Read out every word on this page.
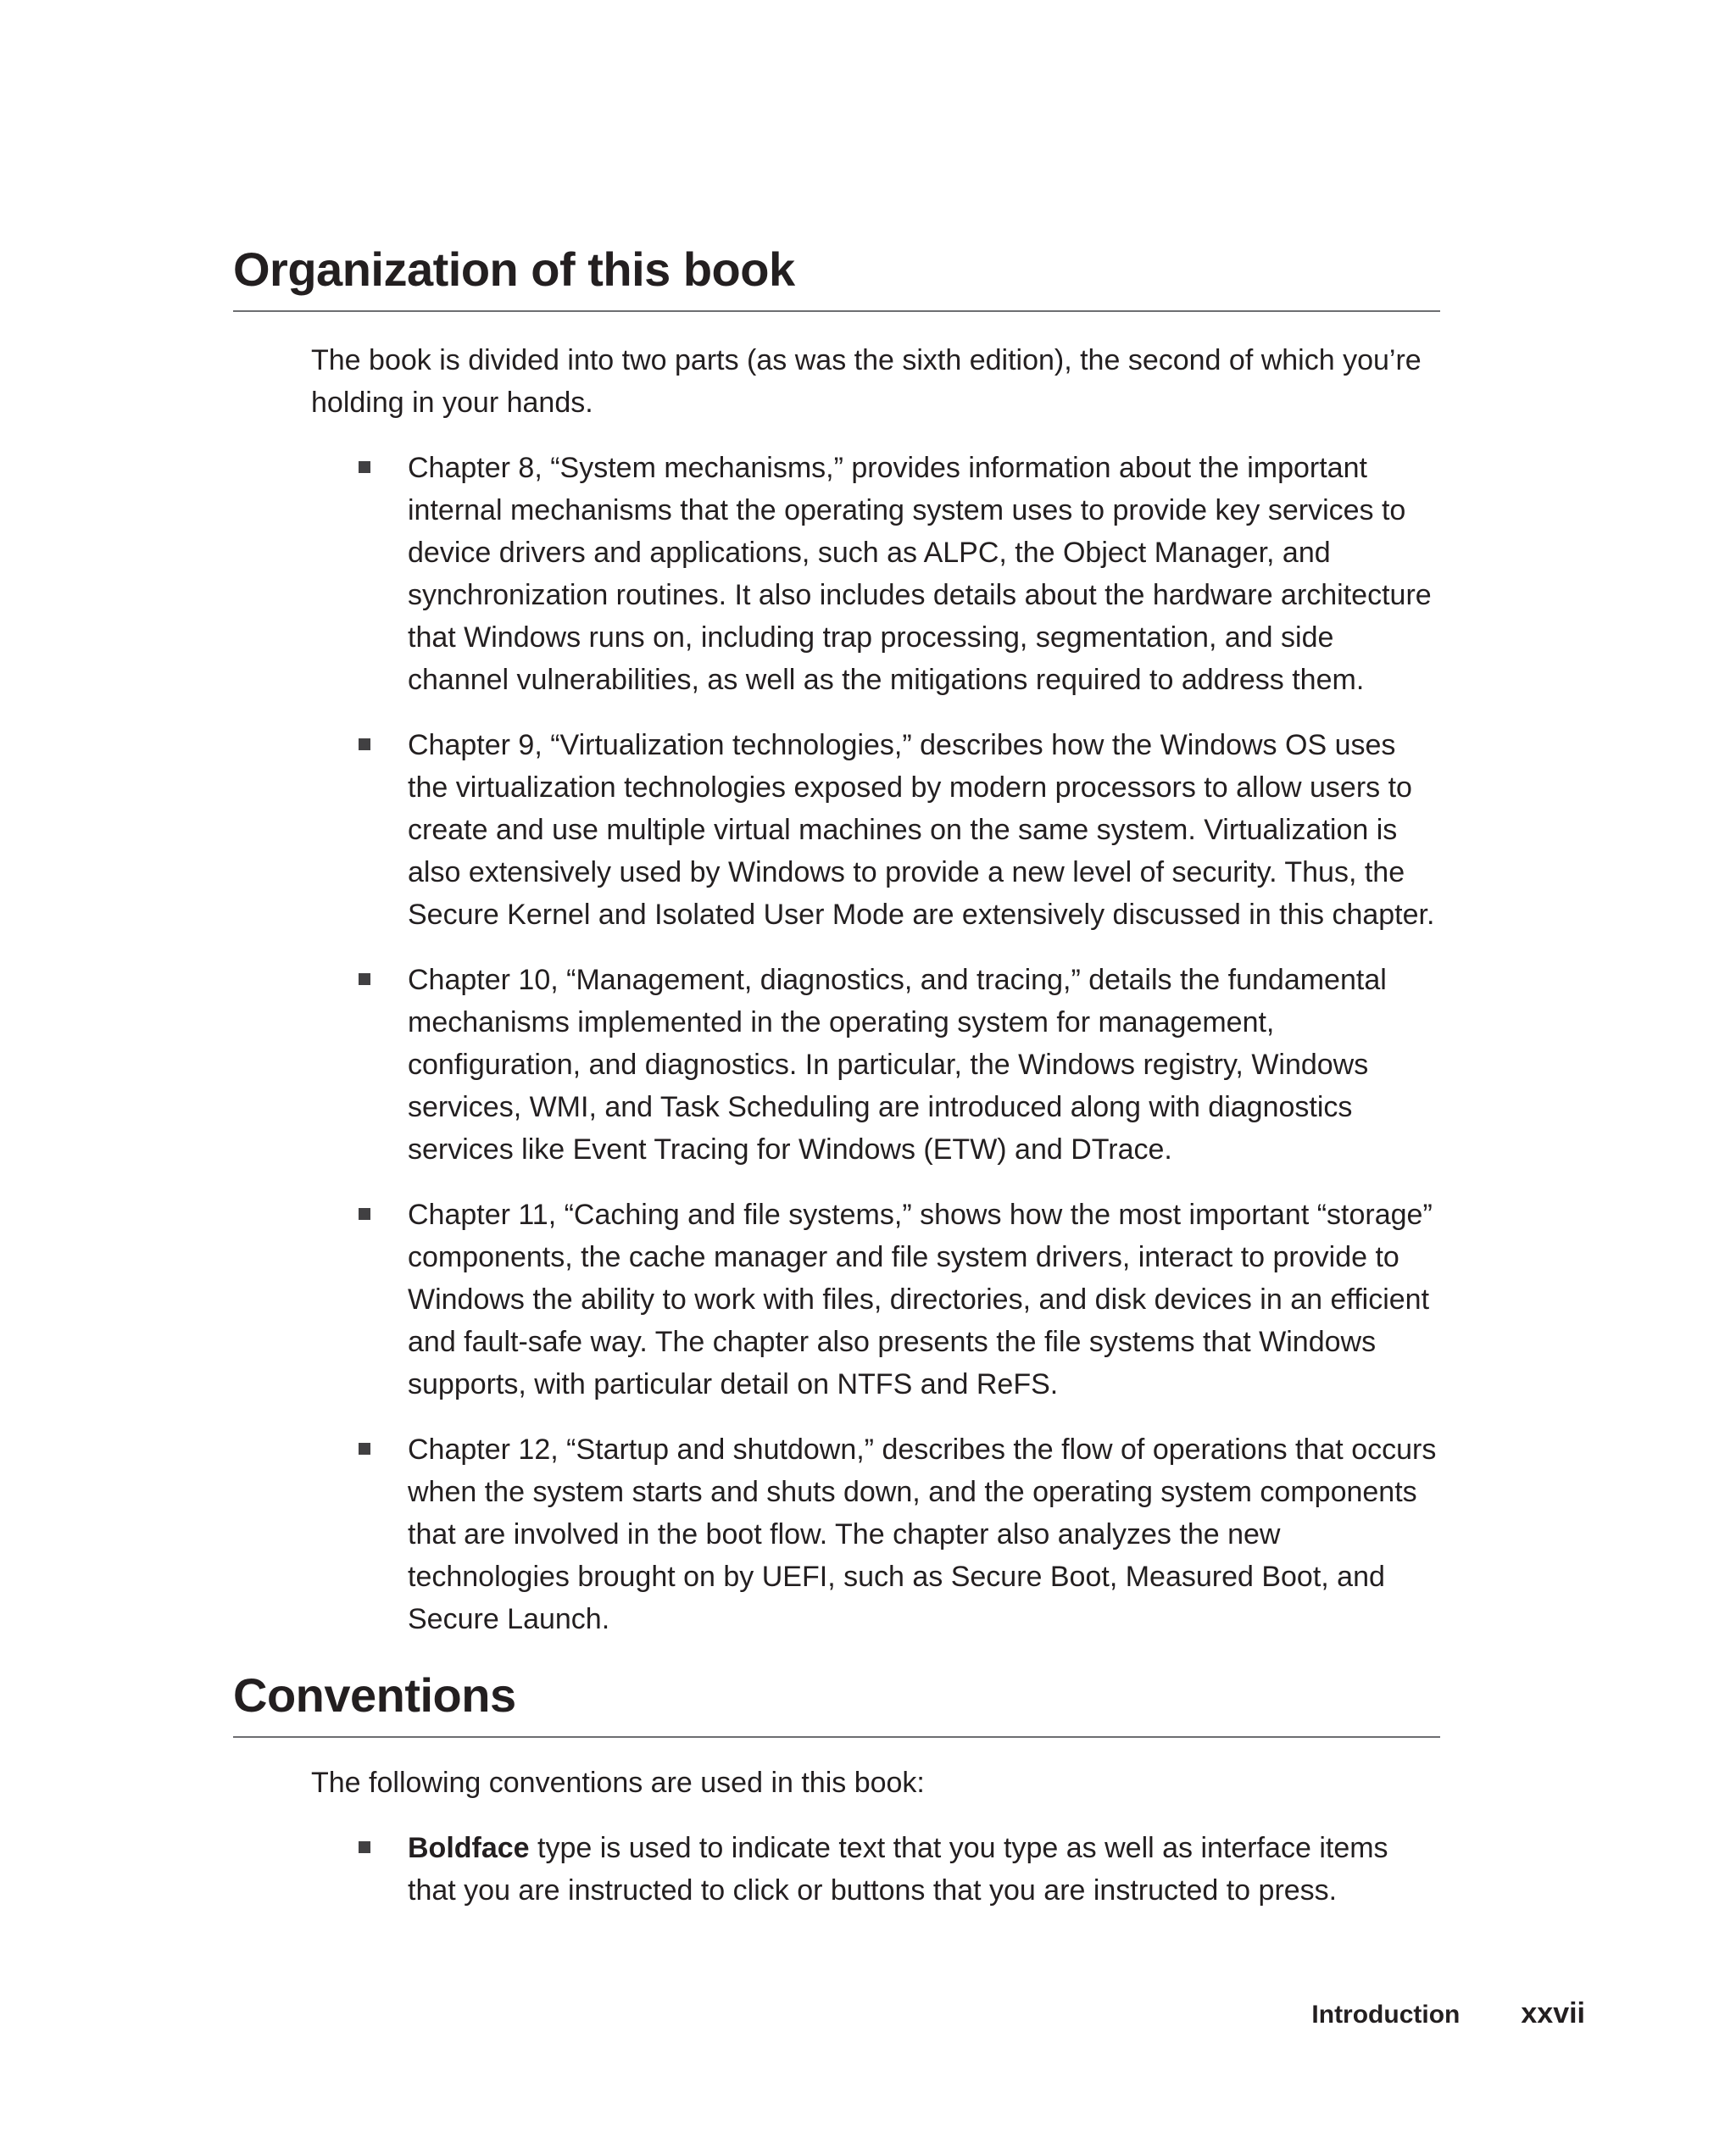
Organization of this book

The book is divided into two parts (as was the sixth edition), the second of which you’re holding in your hands.

Chapter 8, “System mechanisms,” provides information about the important internal mechanisms that the operating system uses to provide key services to device drivers and applications, such as ALPC, the Object Manager, and synchronization routines. It also includes details about the hardware architecture that Windows runs on, including trap processing, segmentation, and side channel vulnerabilities, as well as the mitigations required to address them.
Chapter 9, “Virtualization technologies,” describes how the Windows OS uses the virtualization technologies exposed by modern processors to allow users to create and use multiple virtual machines on the same system. Virtualization is also extensively used by Windows to provide a new level of security. Thus, the Secure Kernel and Isolated User Mode are extensively discussed in this chapter.
Chapter 10, “Management, diagnostics, and tracing,” details the fundamental mechanisms implemented in the operating system for management, configuration, and diagnostics. In particular, the Windows registry, Windows services, WMI, and Task Scheduling are introduced along with diagnostics services like Event Tracing for Windows (ETW) and DTrace.
Chapter 11, “Caching and file systems,” shows how the most important “storage” components, the cache manager and file system drivers, interact to provide to Windows the ability to work with files, directories, and disk devices in an efficient and fault-safe way. The chapter also presents the file systems that Windows supports, with particular detail on NTFS and ReFS.
Chapter 12, “Startup and shutdown,” describes the flow of operations that occurs when the system starts and shuts down, and the operating system components that are involved in the boot flow. The chapter also analyzes the new technologies brought on by UEFI, such as Secure Boot, Measured Boot, and Secure Launch.
Conventions

The following conventions are used in this book:

Boldface type is used to indicate text that you type as well as interface items that you are instructed to click or buttons that you are instructed to press.
Introduction xxvii
